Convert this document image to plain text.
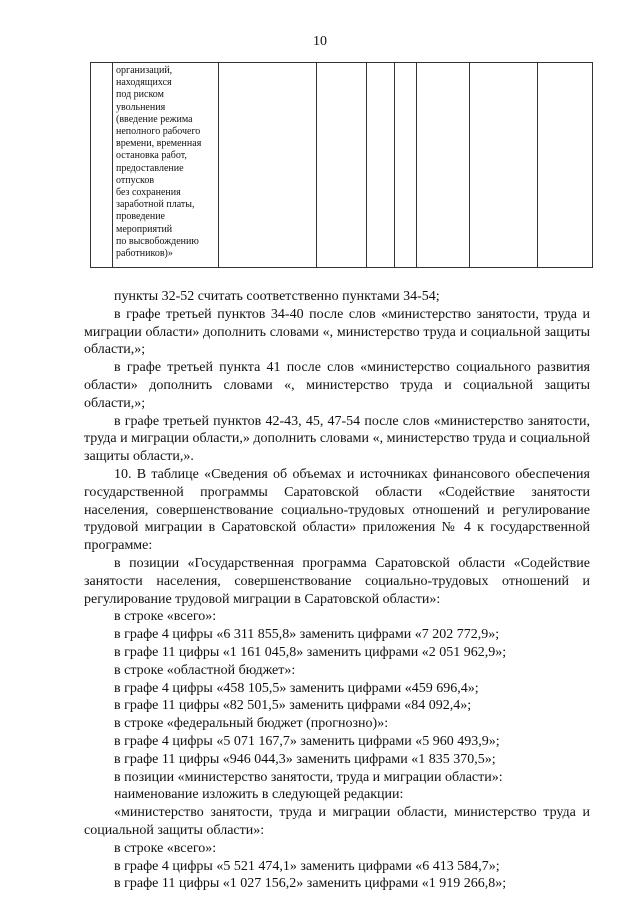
10

организаций,
находящихся
под риском
увольнения
(введение режима
неполного рабочего
времени, временная
остановка работ,
предоставление
отпусков
без сохранения
заработной платы,
проведение
мероприятий
по высвобождению
работников)»

пункты 32-52 считать соответственно пунктами 34-54;

в графе третьей пунктов 34-40 после слов «министерство занятости, труда и миграции области» дополнить словами «, министерство труда и социальной защиты области,»;

в графе третьей пункта 41 после слов «министерство социального развития области» дополнить словами «, министерство труда и социальной защиты области,»;

в графе третьей пунктов 42-43, 45, 47-54 после слов «министерство занятости, труда и миграции области,» дополнить словами «, министерство труда и социальной защиты области,».

10. В таблице «Сведения об объемах и источниках финансового обеспечения государственной программы Саратовской области «Содействие занятости населения, совершенствование социально-трудовых отношений и регулирование трудовой миграции в Саратовской области» приложения № 4 к государственной программе:

в позиции «Государственная программа Саратовской области «Содействие занятости населения, совершенствование социально-трудовых отношений и регулирование трудовой миграции в Саратовской области»:

в строке «всего»:

в графе 4 цифры «6 311 855,8» заменить цифрами «7 202 772,9»;

в графе 11 цифры «1 161 045,8» заменить цифрами «2 051 962,9»;

в строке «областной бюджет»:

в графе 4 цифры «458 105,5» заменить цифрами «459 696,4»;

в графе 11 цифры «82 501,5» заменить цифрами «84 092,4»;

в строке «федеральный бюджет (прогнозно)»:

в графе 4 цифры «5 071 167,7» заменить цифрами «5 960 493,9»;

в графе 11 цифры «946 044,3» заменить цифрами «1 835 370,5»;

в позиции «министерство занятости, труда и миграции области»:

наименование изложить в следующей редакции:

«министерство занятости, труда и миграции области, министерство труда и социальной защиты области»:

в строке «всего»:

в графе 4 цифры «5 521 474,1» заменить цифрами «6 413 584,7»;

в графе 11 цифры «1 027 156,2» заменить цифрами «1 919 266,8»;
